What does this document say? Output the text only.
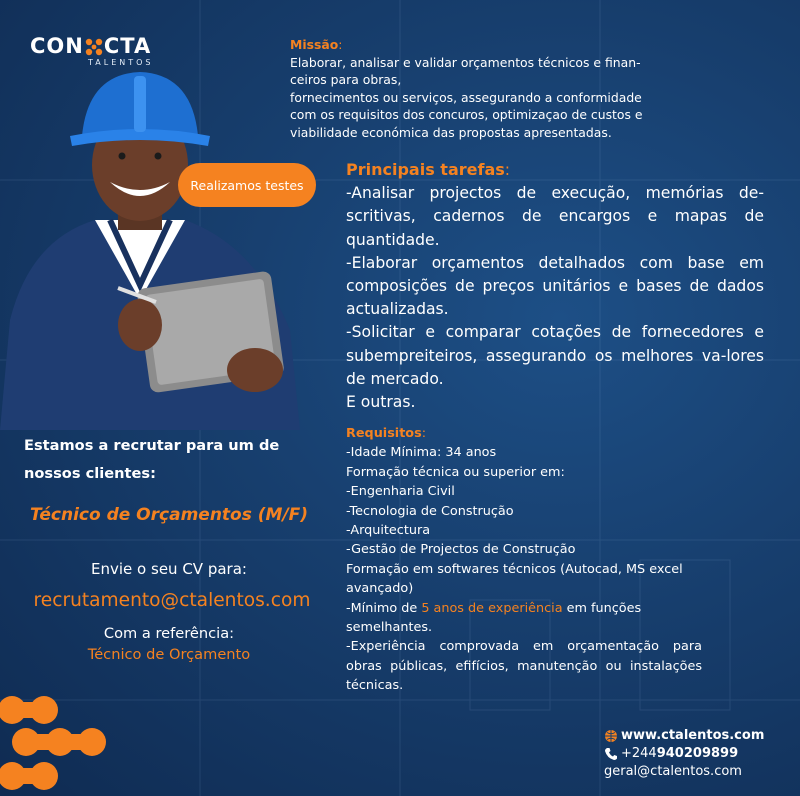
CON CTA
TALENTOS
Realizamos testes
Missão:
Elaborar, analisar e validar orçamentos técnicos e finan-
ceiros para obras,
fornecimentos ou serviços, assegurando a conformidade
com os requisitos dos concuros, optimizaçao de custos e
viabilidade económica das propostas apresentadas.

Principais tarefas:

-Analisar projectos de execução, memórias de-scritivas, cadernos de encargos e mapas de quantidade.

-Elaborar orçamentos detalhados com base em composições de preços unitários e bases de dados actualizadas.

-Solicitar e comparar cotações de fornecedores e subempreiteiros, assegurando os melhores va-lores de mercado.

E outras.

Requisitos:

-Idade Mínima: 34 anos

Formação técnica ou superior em:

-Engenharia Civil

-Tecnologia de Construção

-Arquitectura

-Gestão de Projectos de Construção

Formação em softwares técnicos (Autocad, MS excel avançado)

-Mínimo de 5 anos de experiência em funções semelhantes.

-Experiência comprovada em orçamentação para obras públicas, efifícios, manutenção ou instalações técnicas.

Estamos a recrutar para um de nossos clientes:
Técnico de Orçamentos (M/F)
Envie o seu CV para:
recrutamento@ctalentos.com
Com a referência:
Técnico de Orçamento
www.ctalentos.com
+244 940209899
geral@ctalentos.com
